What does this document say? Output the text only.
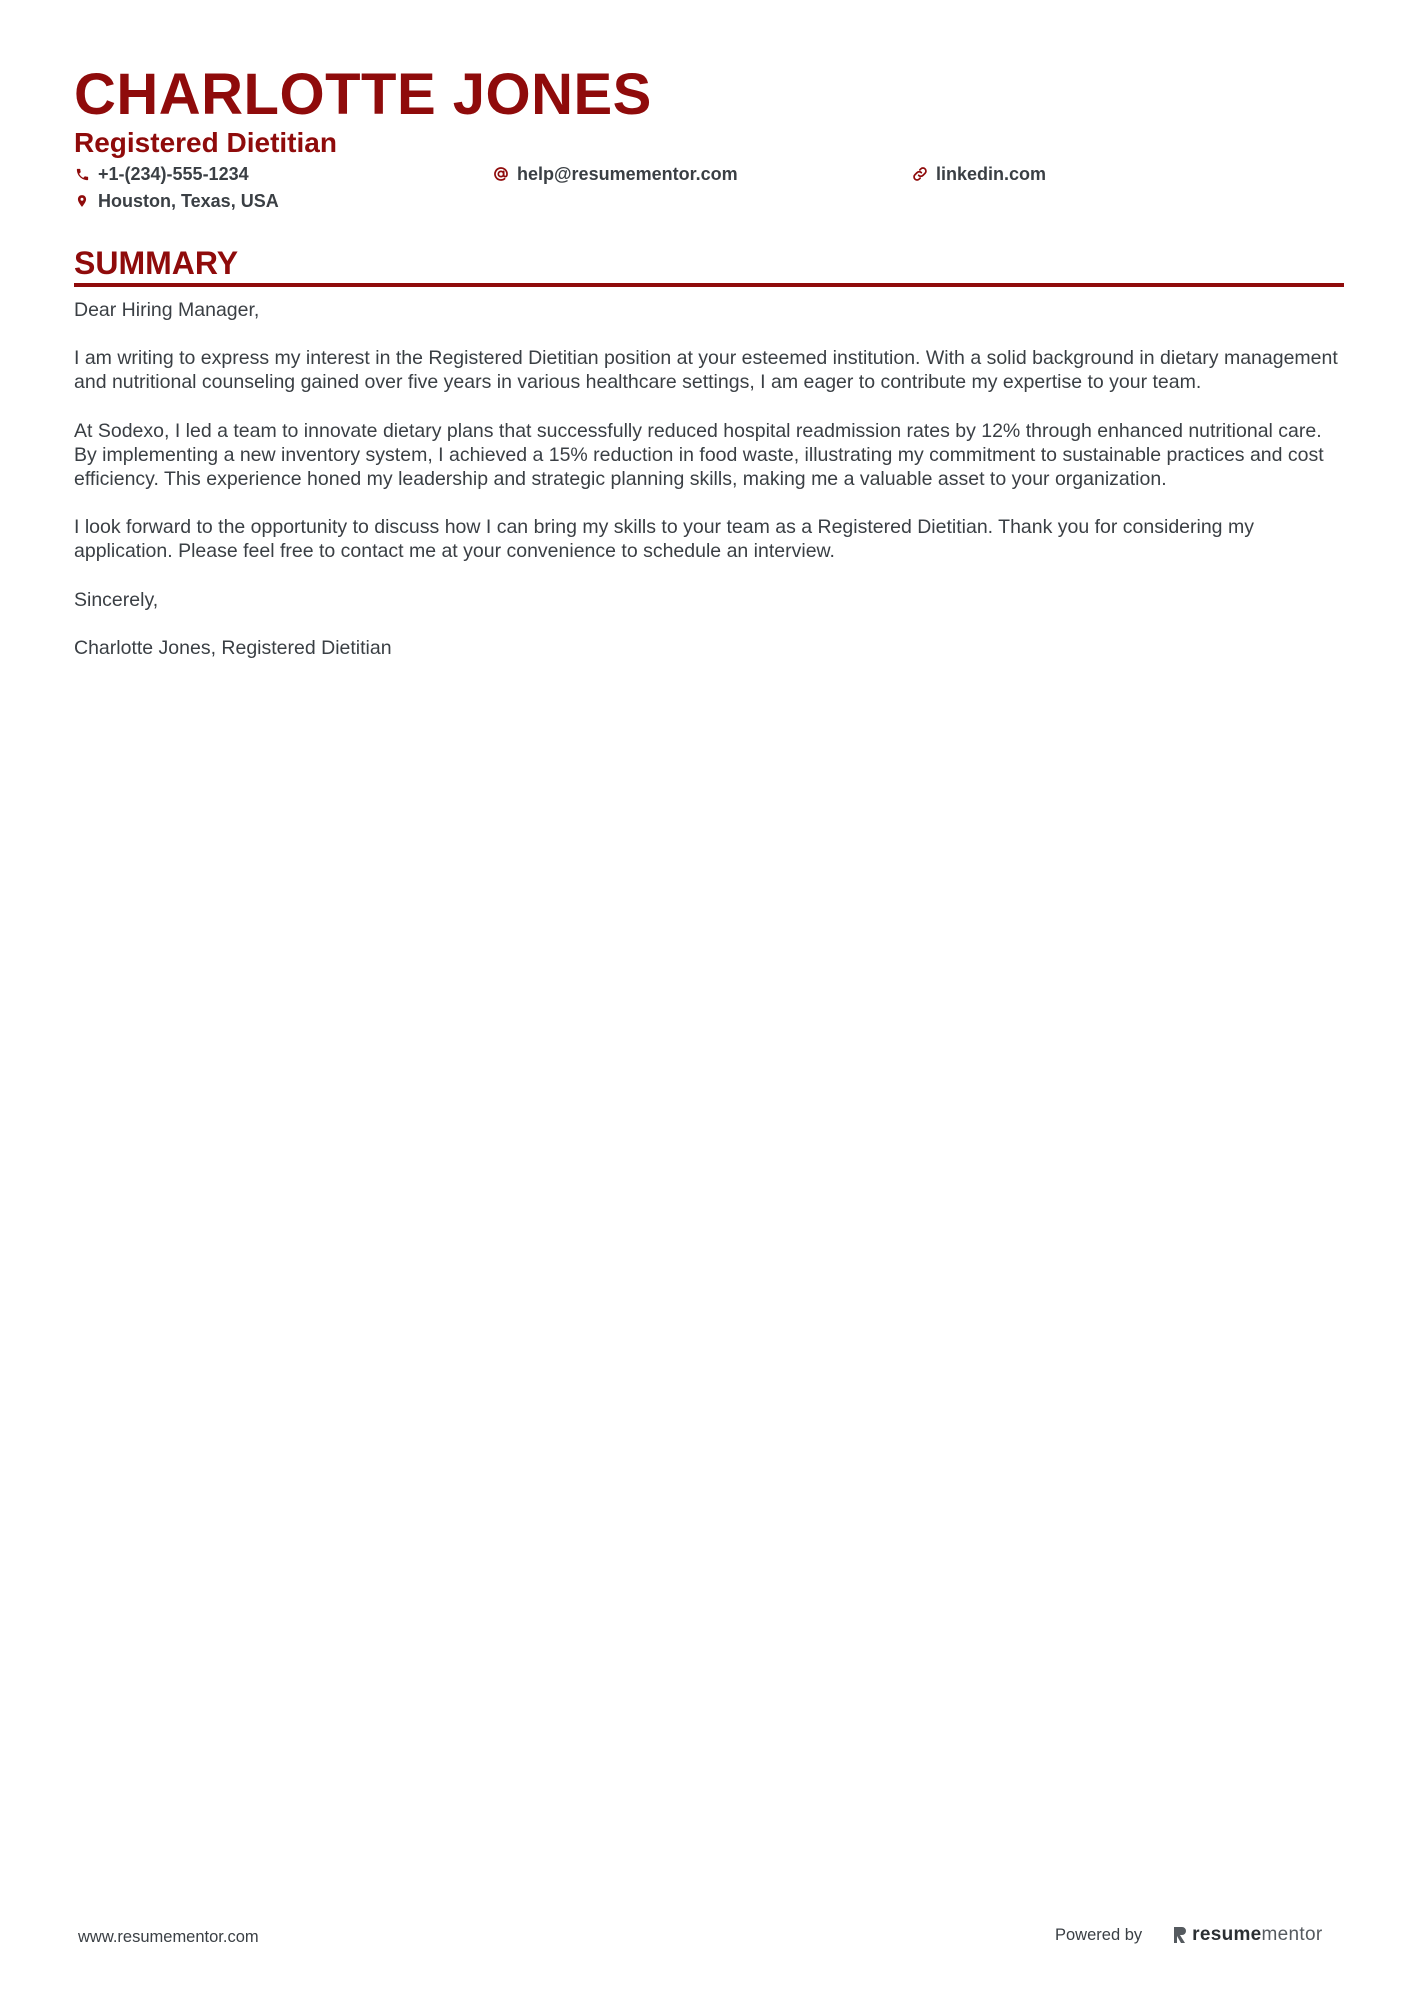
CHARLOTTE JONES
Registered Dietitian
+1-(234)-555-1234	help@resumementor.com	linkedin.com
Houston, Texas, USA
SUMMARY

Dear Hiring Manager,

I am writing to express my interest in the Registered Dietitian position at your esteemed institution. With a solid background in dietary management and nutritional counseling gained over five years in various healthcare settings, I am eager to contribute my expertise to your team.

At Sodexo, I led a team to innovate dietary plans that successfully reduced hospital readmission rates by 12% through enhanced nutritional care. By implementing a new inventory system, I achieved a 15% reduction in food waste, illustrating my commitment to sustainable practices and cost efficiency. This experience honed my leadership and strategic planning skills, making me a valuable asset to your organization.

I look forward to the opportunity to discuss how I can bring my skills to your team as a Registered Dietitian. Thank you for considering my application. Please feel free to contact me at your convenience to schedule an interview.

Sincerely,

Charlotte Jones, Registered Dietitian

www.resumementor.com	Powered by	resumementor
